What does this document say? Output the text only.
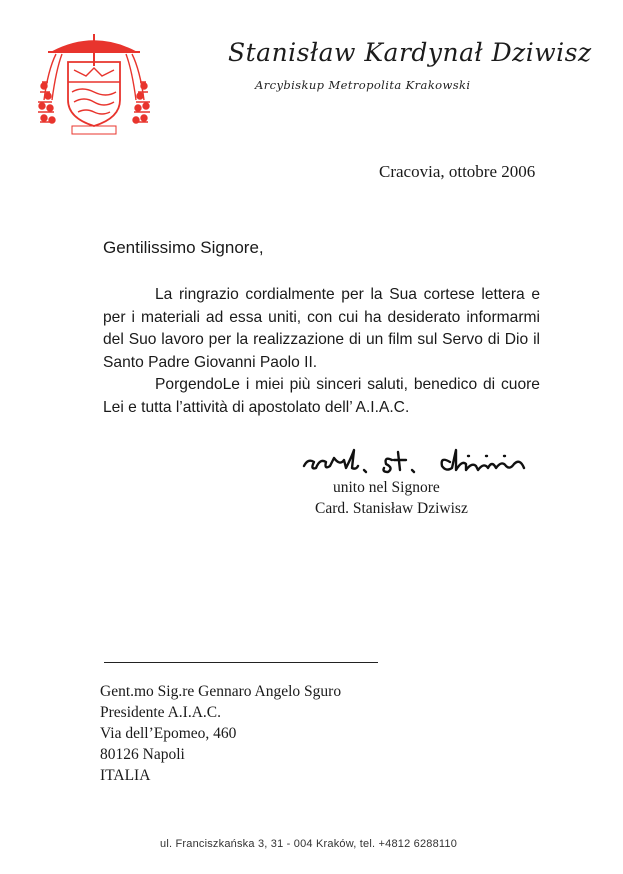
Stanisław Kardynał Dziwisz
Arcybiskup Metropolita Krakowski
Cracovia, ottobre 2006
Gentilissimo Signore,

La ringrazio cordialmente per la Sua cortese lettera e per i materiali ad essa uniti, con cui ha desiderato informarmi del Suo lavoro per la realizzazione di un film sul Servo di Dio il Santo Padre Giovanni Paolo II.

PorgendoLe i miei più sinceri saluti, benedico di cuore Lei e tutta l’attività di apostolato dell’ A.I.A.C.

unito nel Signore
Card. Stanisław Dziwisz
Gent.mo Sig.re Gennaro Angelo Sguro
Presidente A.I.A.C.
Via dell’Epomeo, 460
80126 Napoli
ITALIA
ul. Franciszkańska 3, 31 - 004 Kraków, tel. +4812 6288110
